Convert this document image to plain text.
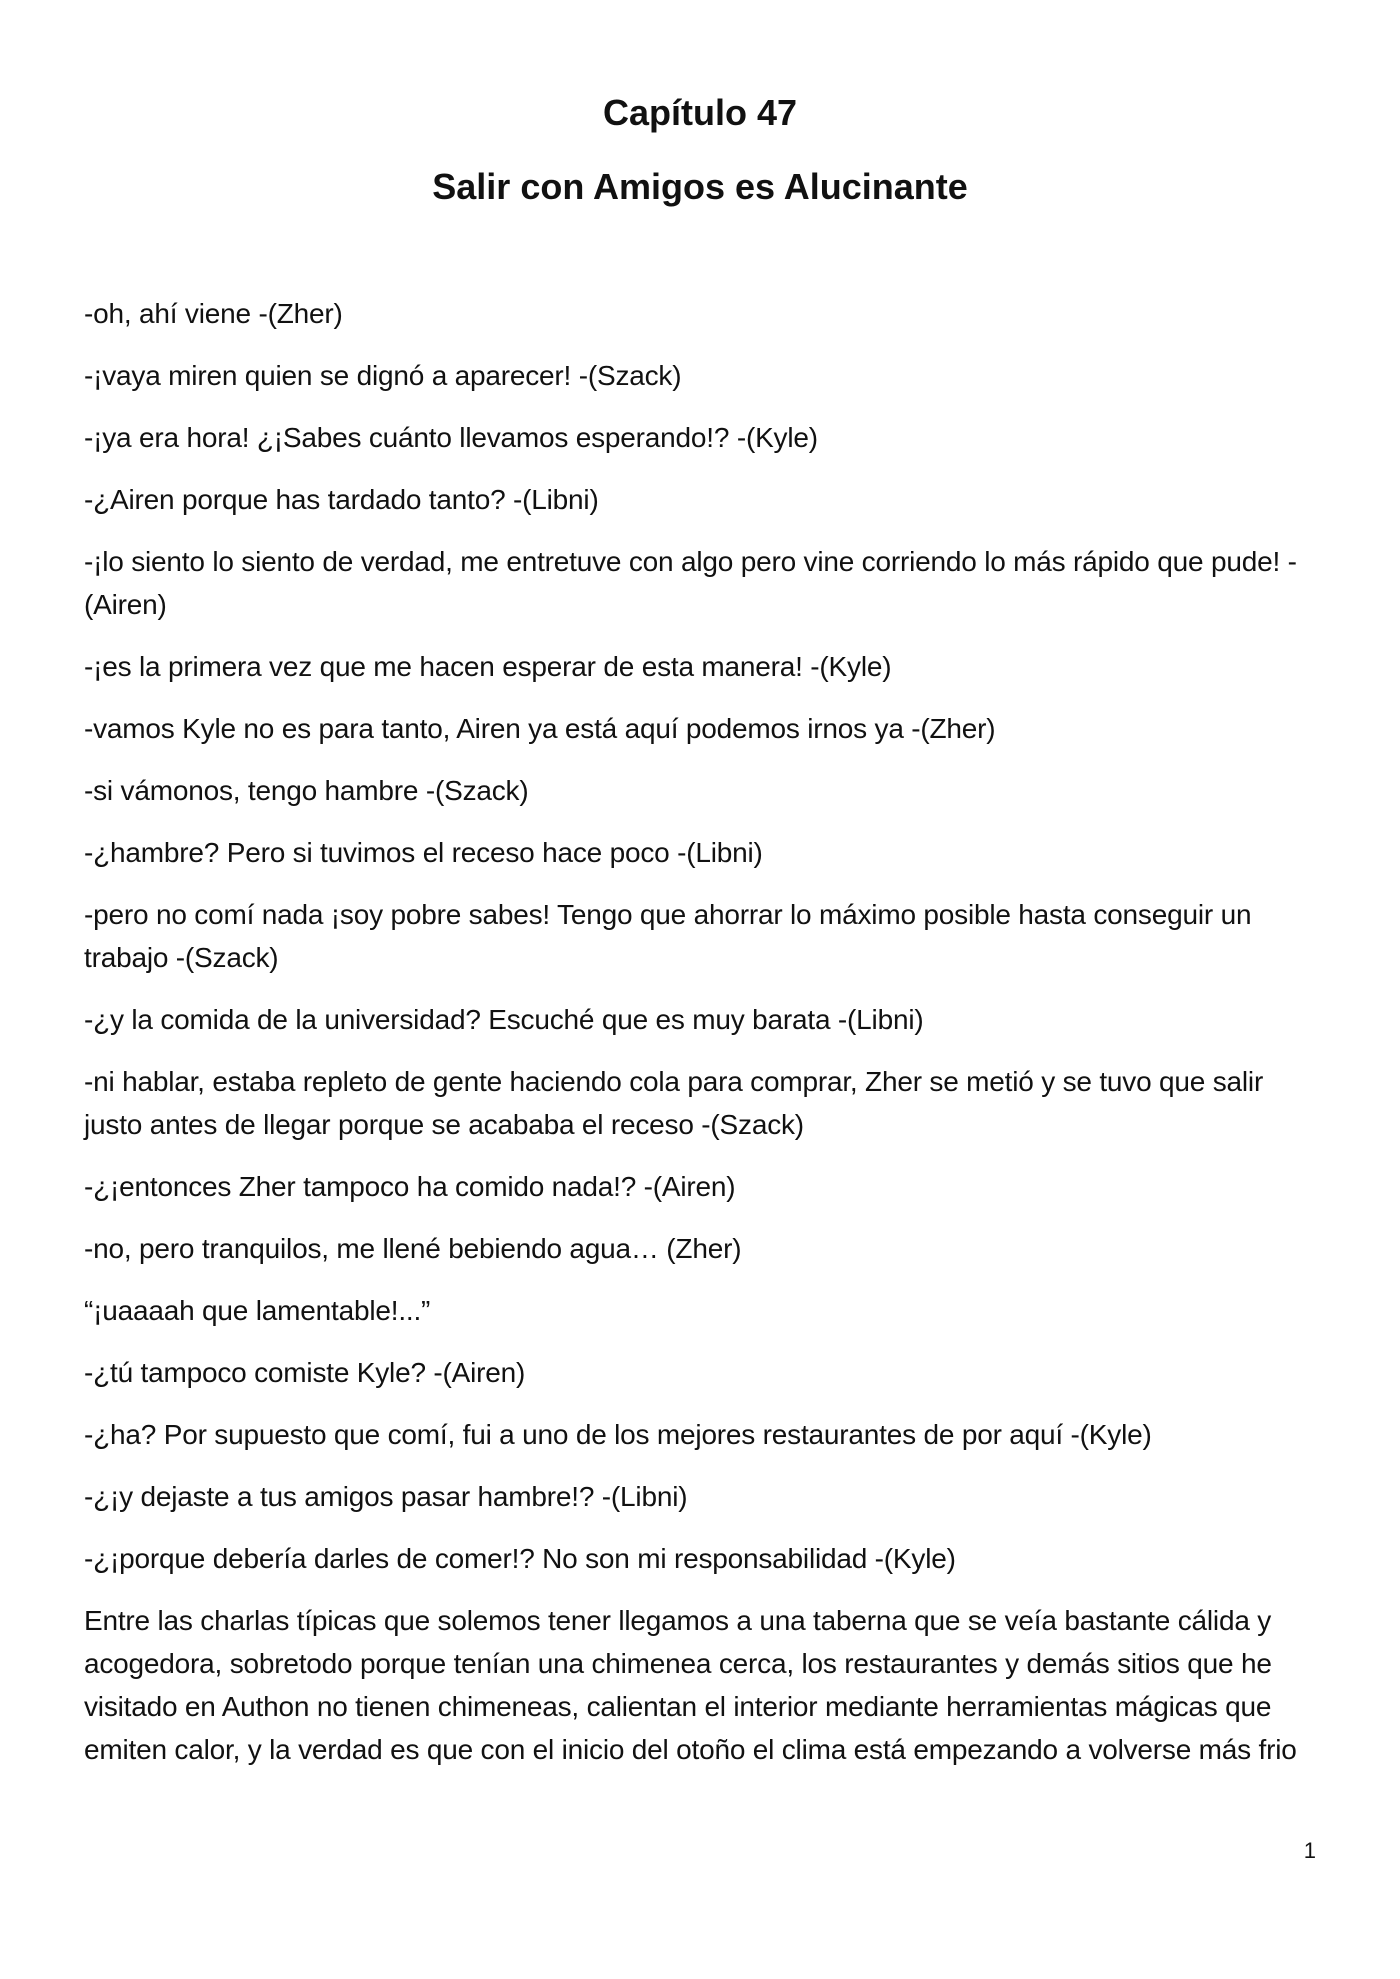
Capítulo 47
Salir con Amigos es Alucinante

-oh, ahí viene -(Zher)

-¡vaya miren quien se dignó a aparecer! -(Szack)

-¡ya era hora! ¿¡Sabes cuánto llevamos esperando!? -(Kyle)

-¿Airen porque has tardado tanto? -(Libni)

-¡lo siento lo siento de verdad, me entretuve con algo pero vine corriendo lo más rápido que pude! -(Airen)

-¡es la primera vez que me hacen esperar de esta manera! -(Kyle)

-vamos Kyle no es para tanto, Airen ya está aquí podemos irnos ya -(Zher)

-si vámonos, tengo hambre -(Szack)

-¿hambre? Pero si tuvimos el receso hace poco -(Libni)

-pero no comí nada ¡soy pobre sabes! Tengo que ahorrar lo máximo posible hasta conseguir un trabajo -(Szack)

-¿y la comida de la universidad? Escuché que es muy barata -(Libni)

-ni hablar, estaba repleto de gente haciendo cola para comprar, Zher se metió y se tuvo que salir justo antes de llegar porque se acababa el receso -(Szack)

-¿¡entonces Zher tampoco ha comido nada!? -(Airen)

-no, pero tranquilos, me llené bebiendo agua… (Zher)

“¡uaaaah que lamentable!...”

-¿tú tampoco comiste Kyle? -(Airen)

-¿ha? Por supuesto que comí, fui a uno de los mejores restaurantes de por aquí -(Kyle)

-¿¡y dejaste a tus amigos pasar hambre!? -(Libni)

-¿¡porque debería darles de comer!? No son mi responsabilidad -(Kyle)

Entre las charlas típicas que solemos tener llegamos a una taberna que se veía bastante cálida y acogedora, sobretodo porque tenían una chimenea cerca, los restaurantes y demás sitios que he visitado en Authon no tienen chimeneas, calientan el interior mediante herramientas mágicas que emiten calor, y la verdad es que con el inicio del otoño el clima está empezando a volverse más frio

1
